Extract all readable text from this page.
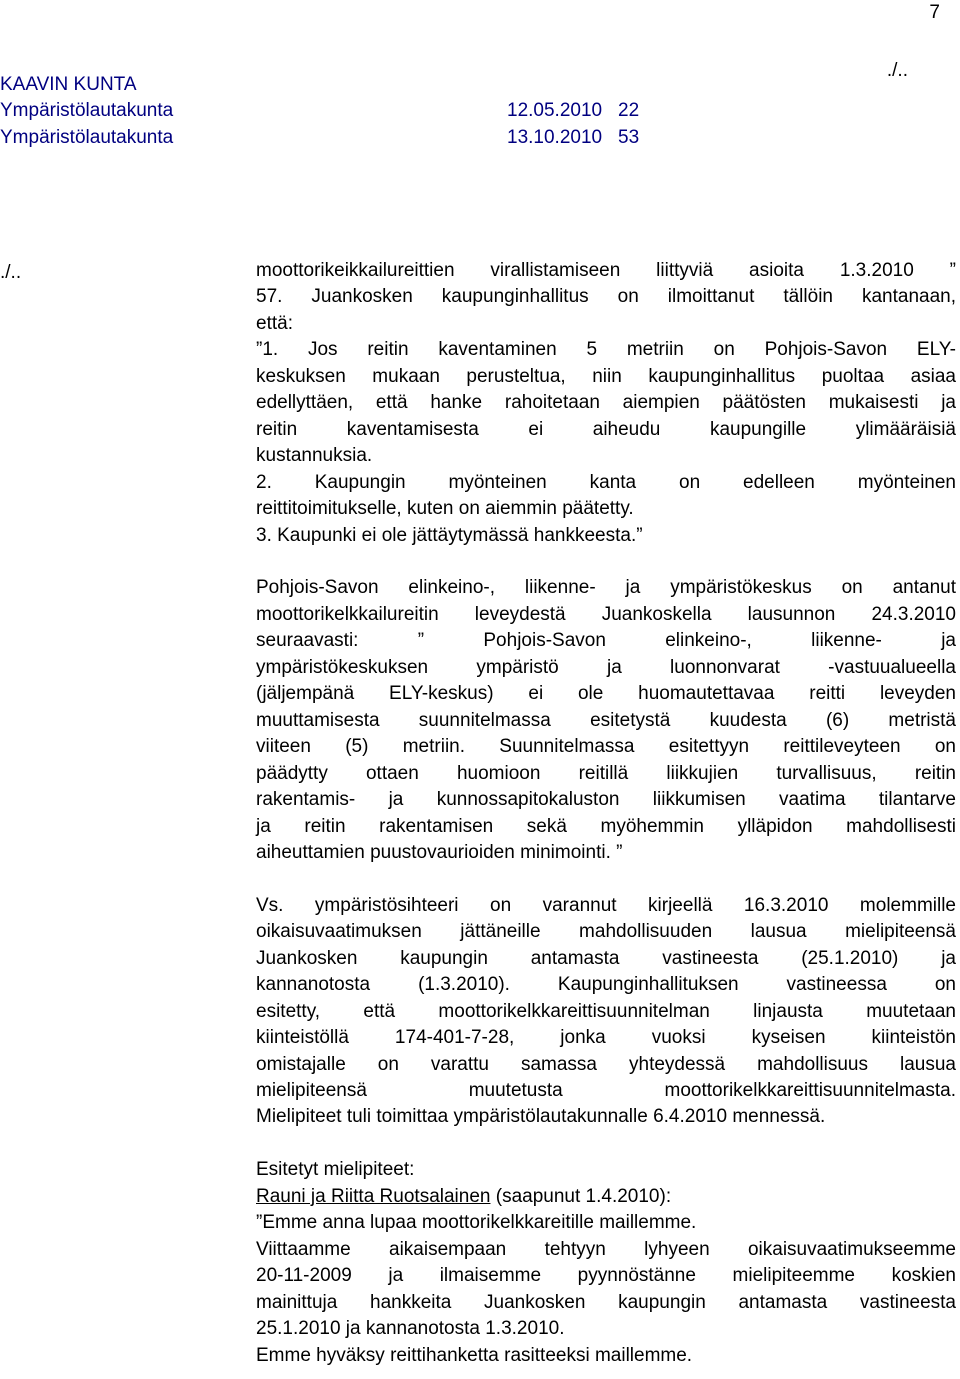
7
./..
KAAVIN KUNTA
Ympäristölautakunta	12.05.2010 22
Ympäristölautakunta	13.10.2010 53
./..	moottorikeikkailureittien virallistamiseen liittyviä asioita 1.3.2010 ”

57. Juankosken kaupunginhallitus on ilmoittanut tällöin kantanaan,

että:

”1. Jos reitin kaventaminen 5 metriin on Pohjois-Savon ELY-

keskuksen mukaan perusteltua, niin kaupunginhallitus puoltaa asiaa

edellyttäen, että hanke rahoitetaan aiempien päätösten mukaisesti ja

reitin kaventamisesta ei aiheudu kaupungille ylimääräisiä

kustannuksia.

2. Kaupungin myönteinen kanta on edelleen myönteinen

reittitoimitukselle, kuten on aiemmin päätetty.

3. Kaupunki ei ole jättäytymässä hankkeesta.”

Pohjois-Savon elinkeino-, liikenne- ja ympäristökeskus on antanut

moottorikelkkailureitin leveydestä Juankoskella lausunnon 24.3.2010

seuraavasti: ” Pohjois-Savon elinkeino-, liikenne- ja

ympäristökeskuksen ympäristö ja luonnonvarat -vastuualueella

(jäljempänä ELY-keskus) ei ole huomautettavaa reitti leveyden

muuttamisesta suunnitelmassa esitetystä kuudesta (6) metristä

viiteen (5) metriin. Suunnitelmassa esitettyyn reittileveyteen on

päädytty ottaen huomioon reitillä liikkujien turvallisuus, reitin

rakentamis- ja kunnossapitokaluston liikkumisen vaatima tilantarve

ja reitin rakentamisen sekä myöhemmin ylläpidon mahdollisesti

aiheuttamien puustovaurioiden minimointi. ”

Vs. ympäristösihteeri on varannut kirjeellä 16.3.2010 molemmille

oikaisuvaatimuksen jättäneille mahdollisuuden lausua mielipiteensä

Juankosken kaupungin antamasta vastineesta (25.1.2010) ja

kannanotosta (1.3.2010). Kaupunginhallituksen vastineessa on

esitetty, että moottorikelkkareittisuunnitelman linjausta muutetaan

kiinteistöllä 174-401-7-28, jonka vuoksi kyseisen kiinteistön

omistajalle on varattu samassa yhteydessä mahdollisuus lausua

mielipiteensä muutetusta moottorikelkkareittisuunnitelmasta.

Mielipiteet tuli toimittaa ympäristölautakunnalle 6.4.2010 mennessä.

Esitetyt mielipiteet:

Rauni ja Riitta Ruotsalainen (saapunut 1.4.2010):

”Emme anna lupaa moottorikelkkareitille maillemme.

Viittaamme aikaisempaan tehtyyn lyhyeen oikaisuvaatimukseemme

20-11-2009 ja ilmaisemme pyynnöstänne mielipiteemme koskien

mainittuja hankkeita Juankosken kaupungin antamasta vastineesta

25.1.2010 ja kannanotosta 1.3.2010.

Emme hyväksy reittihanketta rasitteeksi maillemme.
